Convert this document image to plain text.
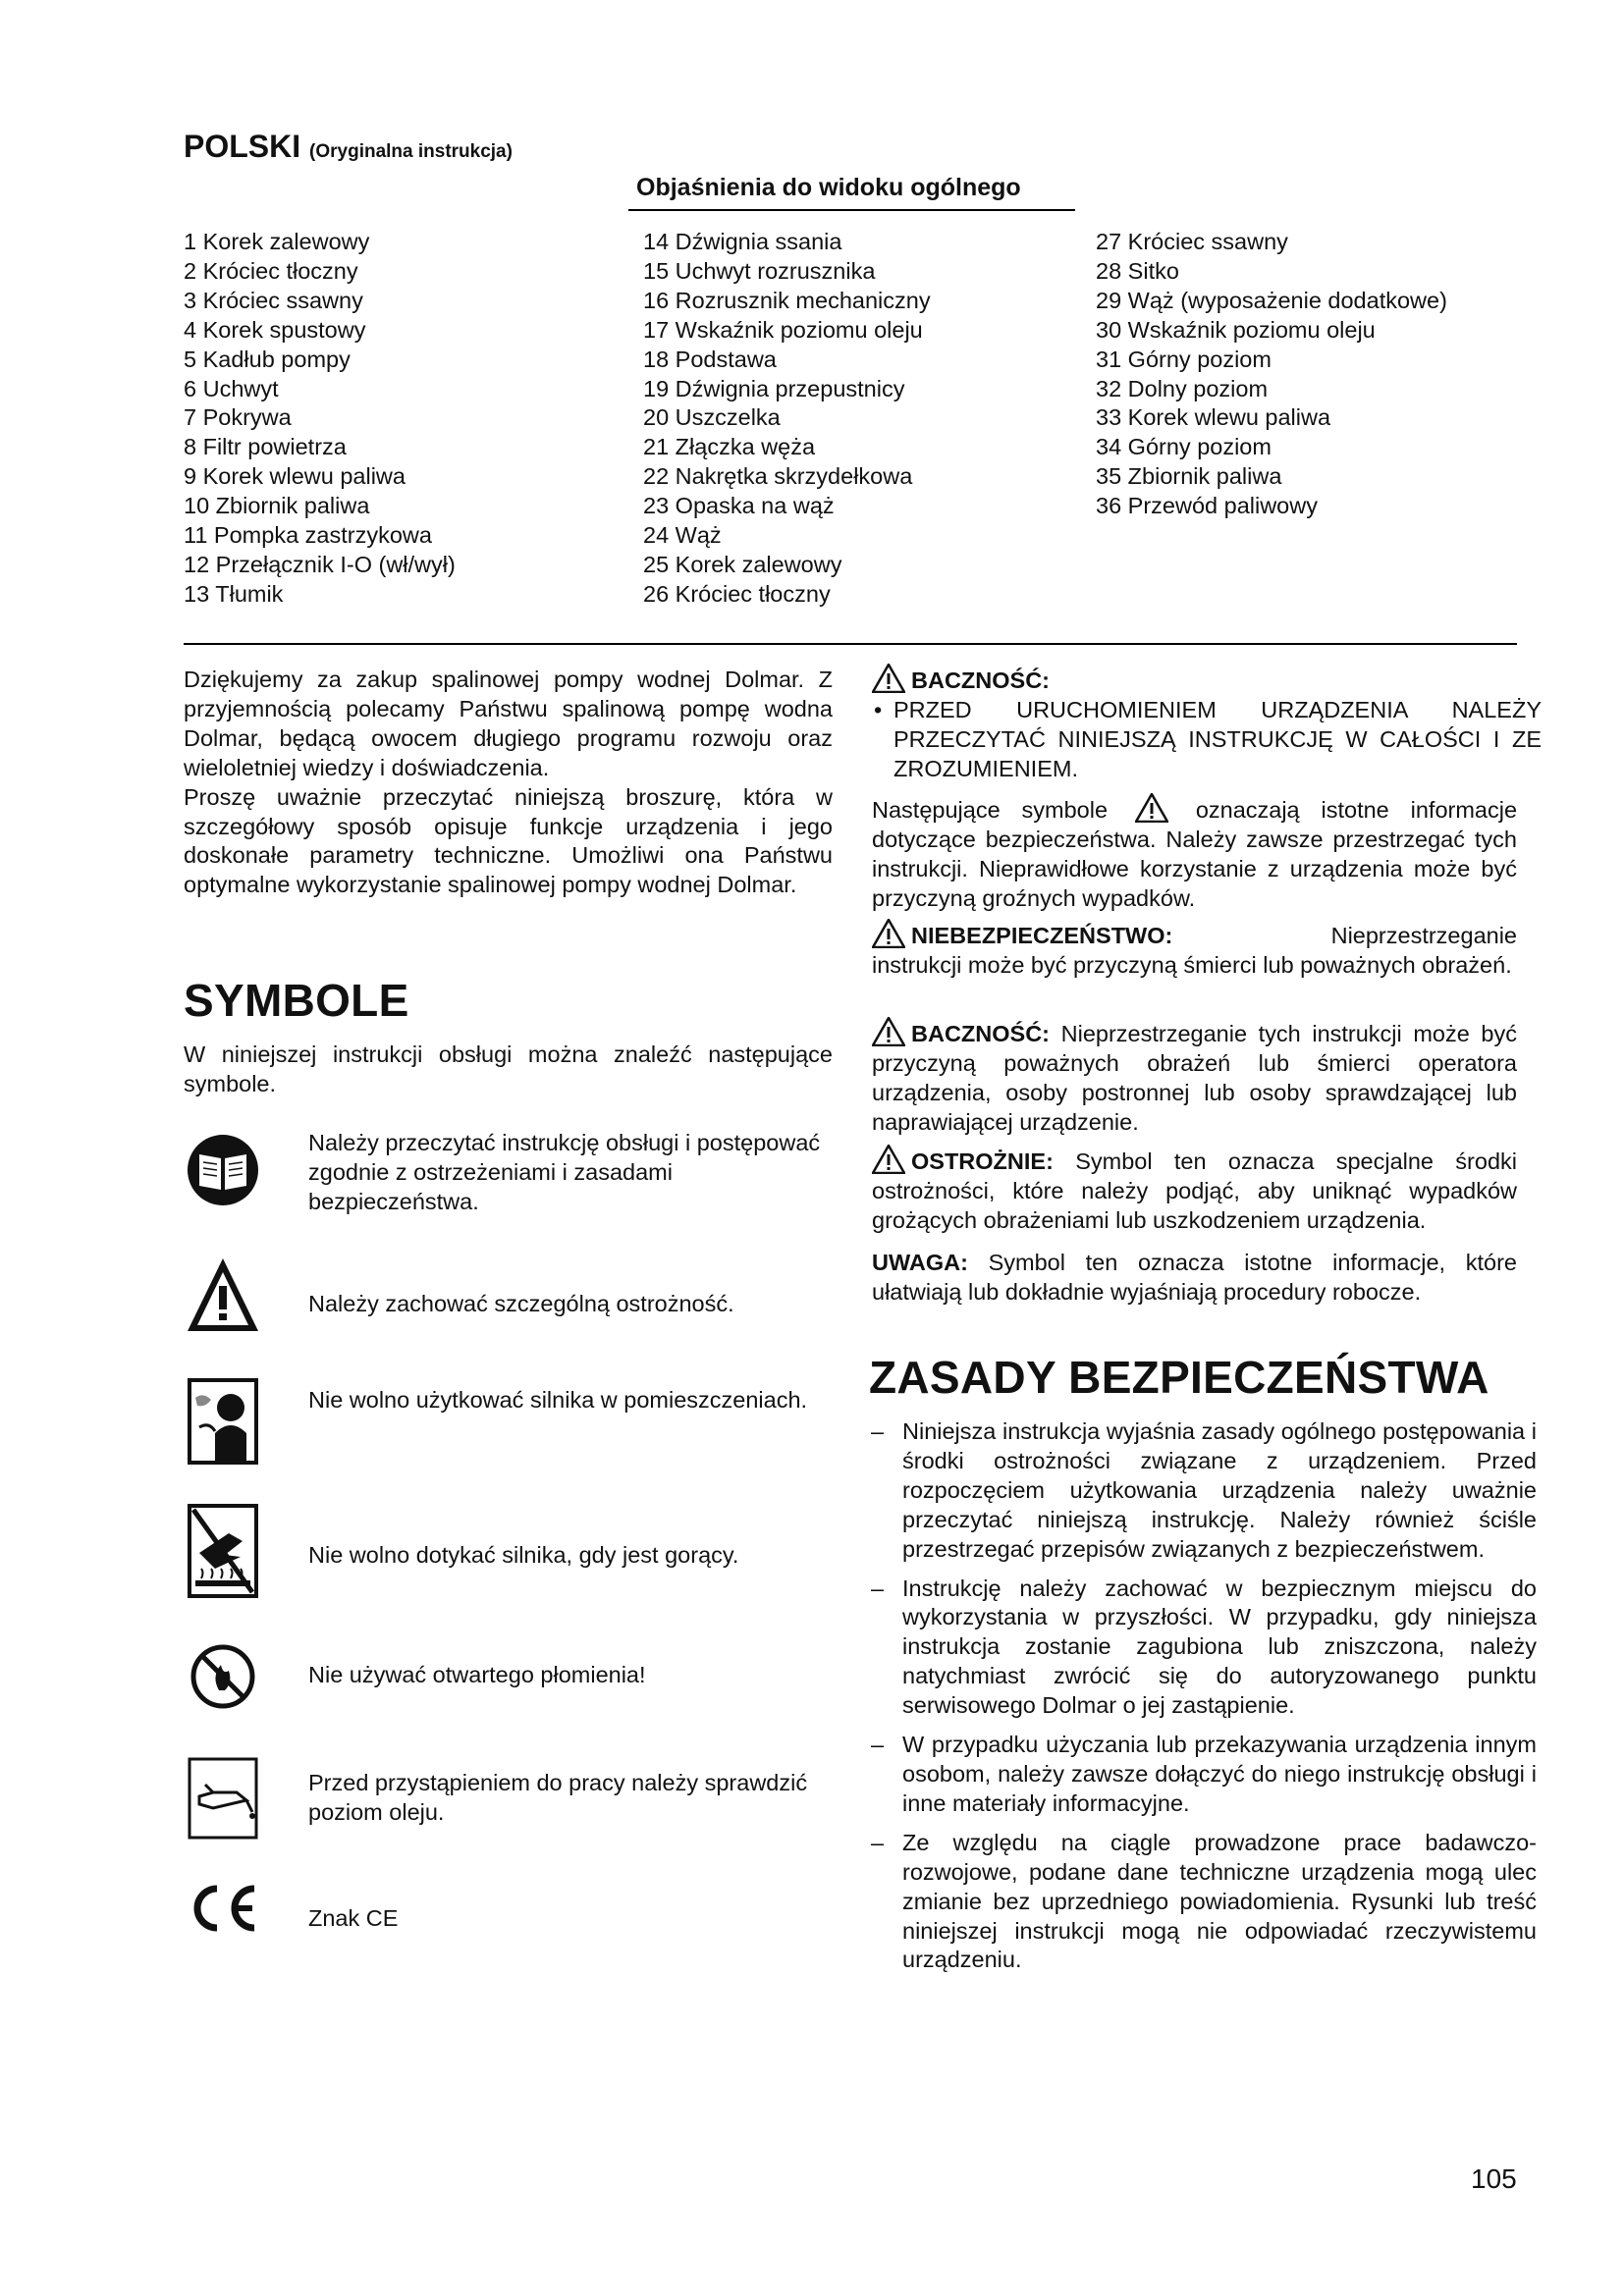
POLSKI (Oryginalna instrukcja)
Objaśnienia do widoku ogólnego
1 Korek zalewowy
2 Króciec tłoczny
3 Króciec ssawny
4 Korek spustowy
5 Kadłub pompy
6 Uchwyt
7 Pokrywa
8 Filtr powietrza
9 Korek wlewu paliwa
10 Zbiornik paliwa
11 Pompka zastrzykowa
12 Przełącznik I-O (wł/wył)
13 Tłumik
14 Dźwignia ssania
15 Uchwyt rozrusznika
16 Rozrusznik mechaniczny
17 Wskaźnik poziomu oleju
18 Podstawa
19 Dźwignia przepustnicy
20 Uszczelka
21 Złączka węża
22 Nakrętka skrzydełkowa
23 Opaska na wąż
24 Wąż
25 Korek zalewowy
26 Króciec tłoczny
27 Króciec ssawny
28 Sitko
29 Wąż (wyposażenie dodatkowe)
30 Wskaźnik poziomu oleju
31 Górny poziom
32 Dolny poziom
33 Korek wlewu paliwa
34 Górny poziom
35 Zbiornik paliwa
36 Przewód paliwowy

Dziękujemy za zakup spalinowej pompy wodnej Dolmar. Z przyjemnością polecamy Państwu spalinową pompę wodna Dolmar, będącą owocem długiego programu rozwoju oraz wieloletniej wiedzy i doświadczenia.

Proszę uważnie przeczytać niniejszą broszurę, która w szczegółowy sposób opisuje funkcje urządzenia i jego doskonałe parametry techniczne. Umożliwi ona Państwu optymalne wykorzystanie spalinowej pompy wodnej Dolmar.

SYMBOLE
W niniejszej instrukcji obsługi można znaleźć następujące symbole.
Należy przeczytać instrukcję obsługi i postępować zgodnie z ostrzeżeniami i zasadami bezpieczeństwa.
Należy zachować szczególną ostrożność.
Nie wolno użytkować silnika w pomieszczeniach.
Nie wolno dotykać silnika, gdy jest gorący.
Nie używać otwartego płomienia!
Przed przystąpieniem do pracy należy sprawdzić poziom oleju.
Znak CE
BACZNOŚĆ:
• PRZED URUCHOMIENIEM URZĄDZENIA NALEŻY PRZECZYTAĆ NINIEJSZĄ INSTRUKCJĘ W CAŁOŚCI I ZE ZROZUMIENIEM.
Następujące symbole	oznaczają istotne informacje dotyczące bezpieczeństwa. Należy zawsze przestrzegać tych instrukcji. Nieprawidłowe korzystanie z urządzenia może być przyczyną groźnych wypadków.
NIEBEZPIECZEŃSTWO:	Nieprzestrzeganie instrukcji może być przyczyną śmierci lub poważnych obrażeń.
BACZNOŚĆ: Nieprzestrzeganie tych instrukcji może być przyczyną poważnych obrażeń lub śmierci operatora urządzenia, osoby postronnej lub osoby sprawdzającej lub naprawiającej urządzenie.
OSTROŻNIE: Symbol ten oznacza specjalne środki ostrożności, które należy podjąć, aby uniknąć wypadków grożących obrażeniami lub uszkodzeniem urządzenia.
UWAGA: Symbol ten oznacza istotne informacje, które ułatwiają lub dokładnie wyjaśniają procedury robocze.
ZASADY BEZPIECZEŃSTWA
– Niniejsza instrukcja wyjaśnia zasady ogólnego postępowania i środki ostrożności związane z urządzeniem. Przed rozpoczęciem użytkowania urządzenia należy uważnie przeczytać niniejszą instrukcję. Należy również ściśle przestrzegać przepisów związanych z bezpieczeństwem.
– Instrukcję należy zachować w bezpiecznym miejscu do wykorzystania w przyszłości. W przypadku, gdy niniejsza instrukcja zostanie zagubiona lub zniszczona, należy natychmiast zwrócić się do autoryzowanego punktu serwisowego Dolmar o jej zastąpienie.
– W przypadku użyczania lub przekazywania urządzenia innym osobom, należy zawsze dołączyć do niego instrukcję obsługi i inne materiały informacyjne.
– Ze względu na ciągle prowadzone prace badawczo-rozwojowe, podane dane techniczne urządzenia mogą ulec zmianie bez uprzedniego powiadomienia. Rysunki lub treść niniejszej instrukcji mogą nie odpowiadać rzeczywistemu urządzeniu.
105
